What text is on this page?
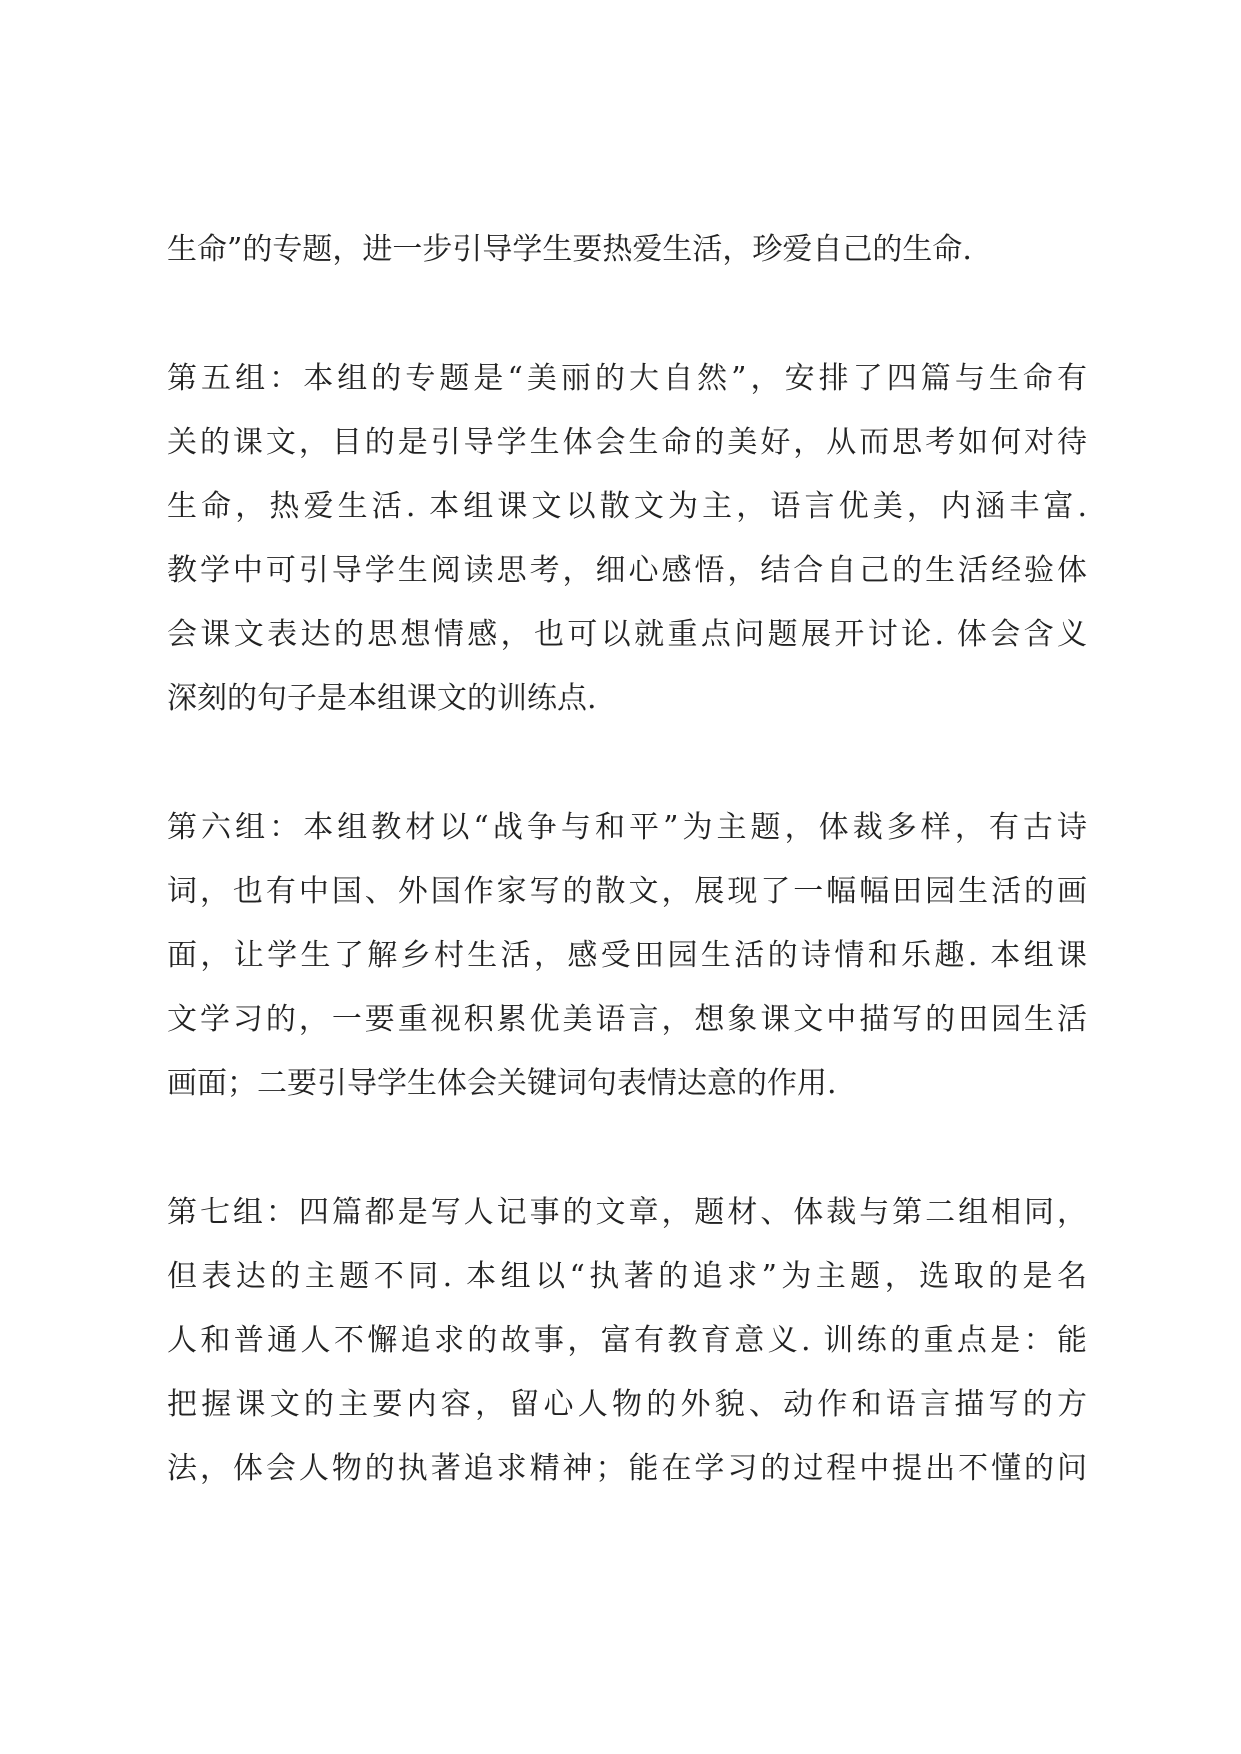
生命”的专题，进一步引导学生要热爱生活，珍爱自己的生命.
第五组：本组的专题是“美丽的大自然”，安排了四篇与生命有
关的课文，目的是引导学生体会生命的美好，从而思考如何对待
生命，热爱生活. 本组课文以散文为主，语言优美，内涵丰富.
教学中可引导学生阅读思考，细心感悟，结合自己的生活经验体
会课文表达的思想情感，也可以就重点问题展开讨论. 体会含义
深刻的句子是本组课文的训练点.
第六组：本组教材以“战争与和平”为主题，体裁多样，有古诗
词，也有中国、外国作家写的散文，展现了一幅幅田园生活的画
面，让学生了解乡村生活，感受田园生活的诗情和乐趣. 本组课
文学习的，一要重视积累优美语言，想象课文中描写的田园生活
画面；二要引导学生体会关键词句表情达意的作用.
第七组：四篇都是写人记事的文章，题材、体裁与第二组相同，
但表达的主题不同. 本组以“执著的追求”为主题，选取的是名
人和普通人不懈追求的故事，富有教育意义. 训练的重点是：能
把握课文的主要内容，留心人物的外貌、动作和语言描写的方
法，体会人物的执著追求精神；能在学习的过程中提出不懂的问
